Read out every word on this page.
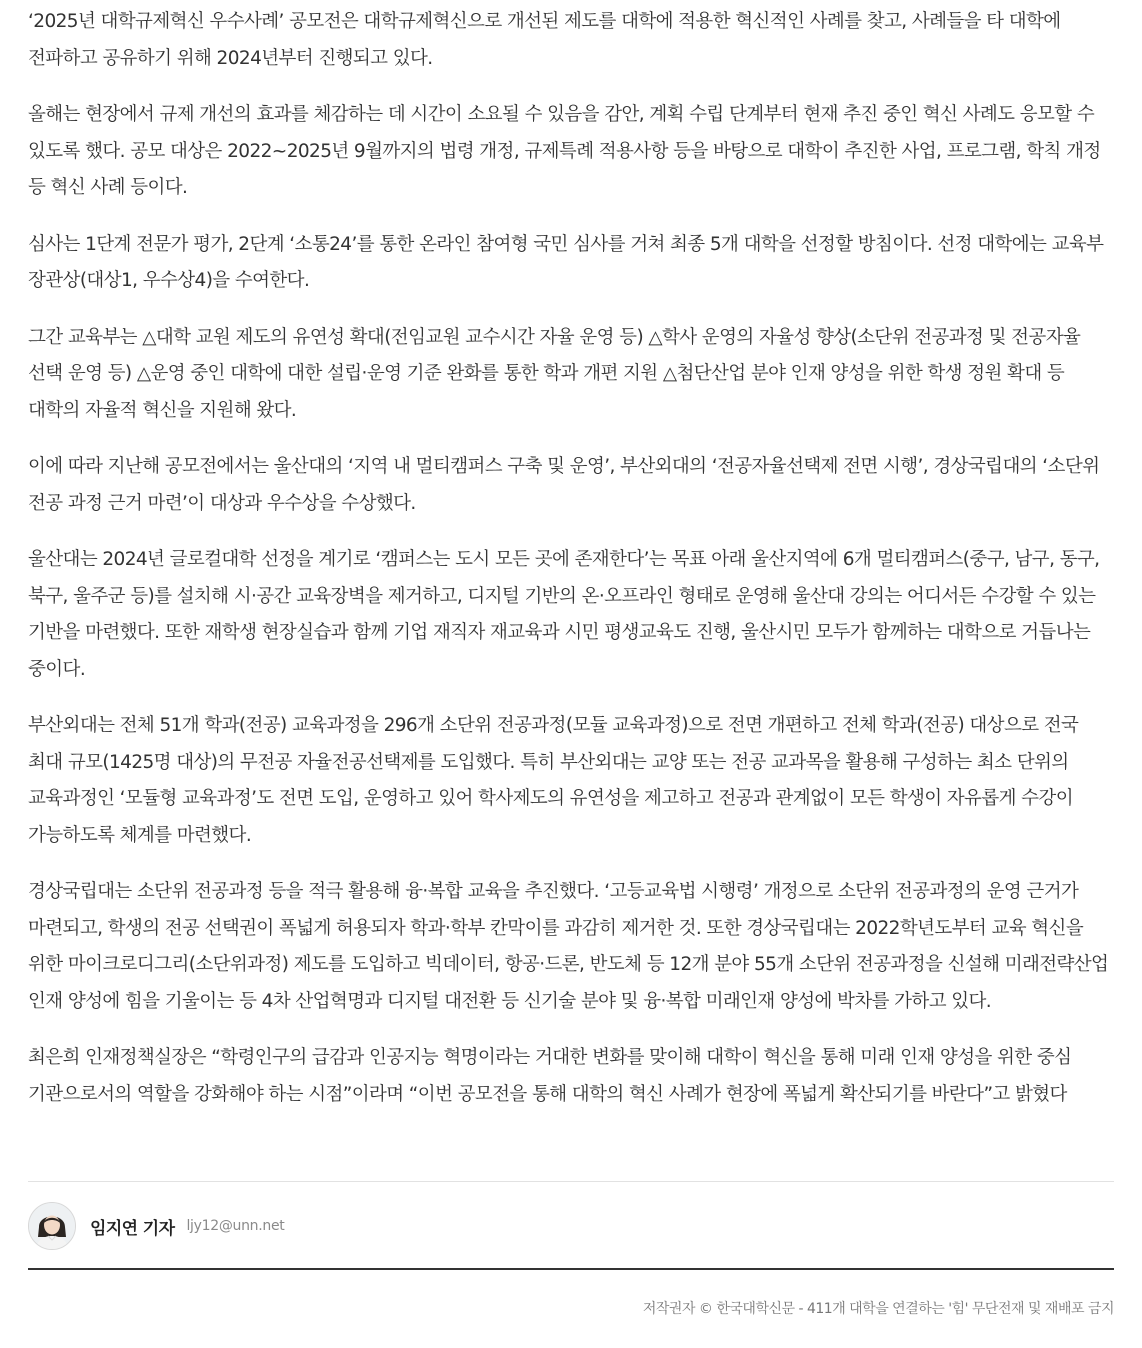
‘2025년 대학규제혁신 우수사례’ 공모전은 대학규제혁신으로 개선된 제도를 대학에 적용한 혁신적인 사례를 찾고, 사례들을 타 대학에 전파하고 공유하기 위해 2024년부터 진행되고 있다.

올해는 현장에서 규제 개선의 효과를 체감하는 데 시간이 소요될 수 있음을 감안, 계획 수립 단계부터 현재 추진 중인 혁신 사례도 응모할 수 있도록 했다. 공모 대상은 2022~2025년 9월까지의 법령 개정, 규제특례 적용사항 등을 바탕으로 대학이 추진한 사업, 프로그램, 학칙 개정 등 혁신 사례 등이다.

심사는 1단계 전문가 평가, 2단계 ‘소통24’를 통한 온라인 참여형 국민 심사를 거쳐 최종 5개 대학을 선정할 방침이다. 선정 대학에는 교육부 장관상(대상1, 우수상4)을 수여한다.

그간 교육부는 △대학 교원 제도의 유연성 확대(전임교원 교수시간 자율 운영 등) △학사 운영의 자율성 향상(소단위 전공과정 및 전공자율 선택 운영 등) △운영 중인 대학에 대한 설립·운영 기준 완화를 통한 학과 개편 지원 △첨단산업 분야 인재 양성을 위한 학생 정원 확대 등 대학의 자율적 혁신을 지원해 왔다.

이에 따라 지난해 공모전에서는 울산대의 ‘지역 내 멀티캠퍼스 구축 및 운영’, 부산외대의 ‘전공자율선택제 전면 시행’, 경상국립대의 ‘소단위 전공 과정 근거 마련’이 대상과 우수상을 수상했다.

울산대는 2024년 글로컬대학 선정을 계기로 ‘캠퍼스는 도시 모든 곳에 존재한다’는 목표 아래 울산지역에 6개 멀티캠퍼스(중구, 남구, 동구, 북구, 울주군 등)를 설치해 시·공간 교육장벽을 제거하고, 디지털 기반의 온·오프라인 형태로 운영해 울산대 강의는 어디서든 수강할 수 있는 기반을 마련했다. 또한 재학생 현장실습과 함께 기업 재직자 재교육과 시민 평생교육도 진행, 울산시민 모두가 함께하는 대학으로 거듭나는 중이다.

부산외대는 전체 51개 학과(전공) 교육과정을 296개 소단위 전공과정(모듈 교육과정)으로 전면 개편하고 전체 학과(전공) 대상으로 전국 최대 규모(1425명 대상)의 무전공 자율전공선택제를 도입했다. 특히 부산외대는 교양 또는 전공 교과목을 활용해 구성하는 최소 단위의 교육과정인 ‘모듈형 교육과정’도 전면 도입, 운영하고 있어 학사제도의 유연성을 제고하고 전공과 관계없이 모든 학생이 자유롭게 수강이 가능하도록 체계를 마련했다.

경상국립대는 소단위 전공과정 등을 적극 활용해 융·복합 교육을 추진했다. ‘고등교육법 시행령’ 개정으로 소단위 전공과정의 운영 근거가 마련되고, 학생의 전공 선택권이 폭넓게 허용되자 학과·학부 칸막이를 과감히 제거한 것. 또한 경상국립대는 2022학년도부터 교육 혁신을 위한 마이크로디그리(소단위과정) 제도를 도입하고 빅데이터, 항공·드론, 반도체 등 12개 분야 55개 소단위 전공과정을 신설해 미래전략산업 인재 양성에 힘을 기울이는 등 4차 산업혁명과 디지털 대전환 등 신기술 분야 및 융·복합 미래인재 양성에 박차를 가하고 있다.

최은희 인재정책실장은 “학령인구의 급감과 인공지능 혁명이라는 거대한 변화를 맞이해 대학이 혁신을 통해 미래 인재 양성을 위한 중심 기관으로서의 역할을 강화해야 하는 시점”이라며 “이번 공모전을 통해 대학의 혁신 사례가 현장에 폭넓게 확산되기를 바란다”고 밝혔다

임지연 기자 ljy12@unn.net
저작권자 © 한국대학신문 - 411개 대학을 연결하는 '힘' 무단전재 및 재배포 금지
